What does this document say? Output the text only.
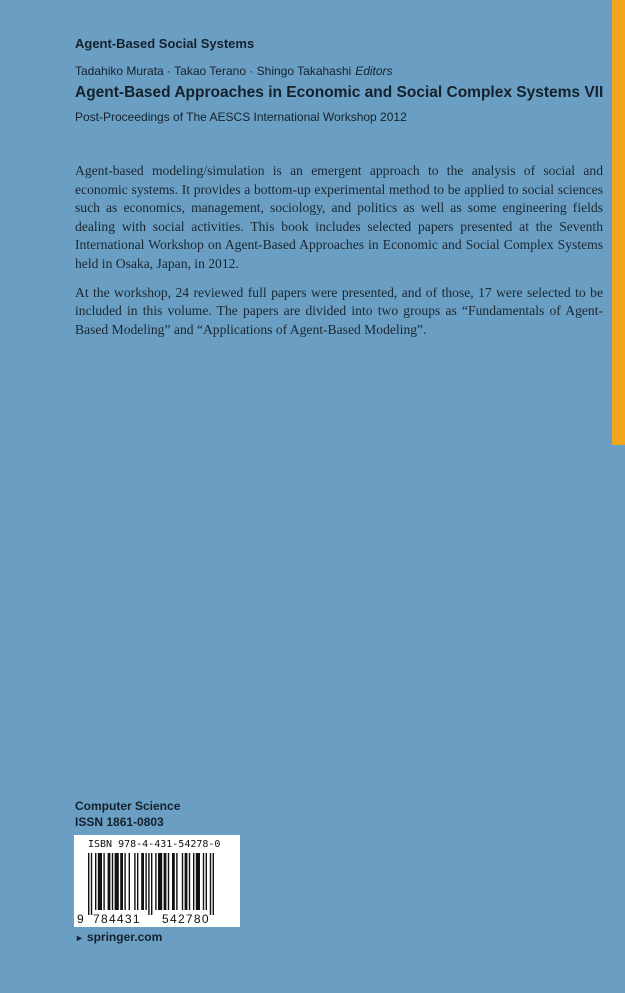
Agent-Based Social Systems
Tadahiko Murata · Takao Terano · Shingo Takahashi Editors
Agent-Based Approaches in Economic and Social Complex Systems VII
Post-Proceedings of The AESCS International Workshop 2012

Agent-based modeling/simulation is an emergent approach to the analysis of social and economic systems. It provides a bottom-up experimental method to be applied to social sciences such as economics, management, sociology, and politics as well as some engineering fields dealing with social activities. This book includes selected papers presented at the Seventh International Workshop on Agent-Based Approaches in Economic and Social Complex Systems held in Osaka, Japan, in 2012.

At the workshop, 24 reviewed full papers were presented, and of those, 17 were selected to be included in this volume. The papers are divided into two groups as “Fundamentals of Agent-Based Modeling” and “Applications of Agent-Based Modeling”.

Computer Science
ISSN 1861-0803
ISBN 978-4-431-54278-0
9 784431 542780
► springer.com
